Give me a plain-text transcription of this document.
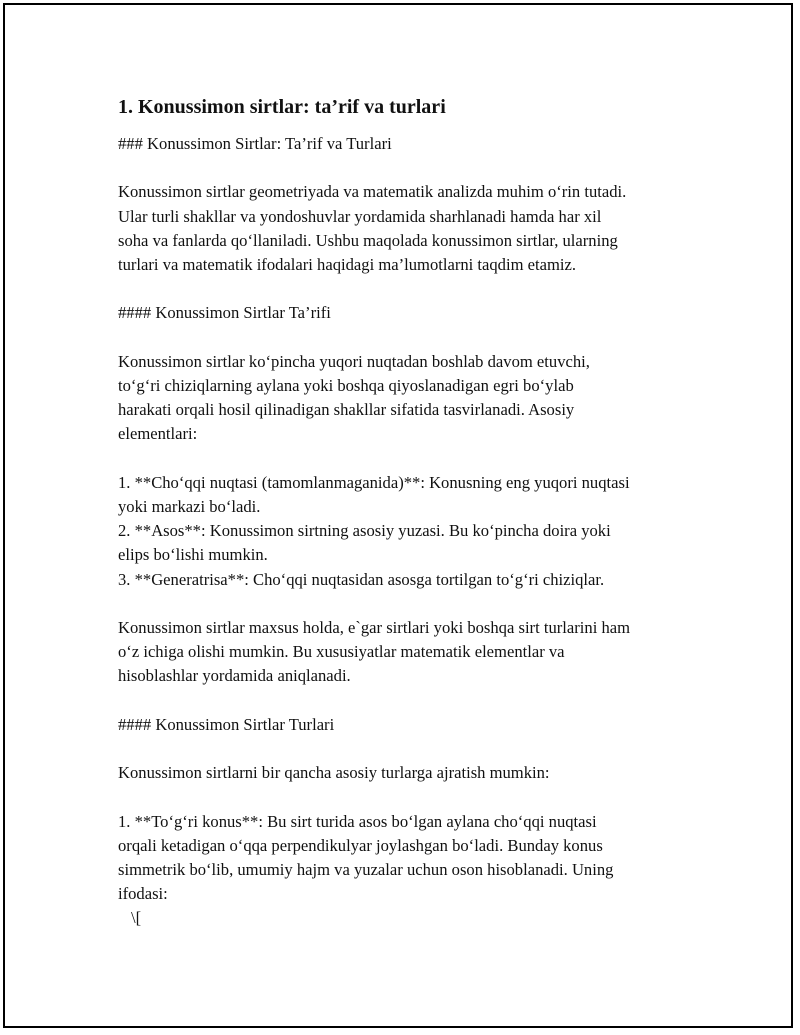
1. Konussimon sirtlar: ta’rif va turlari
### Konussimon Sirtlar: Ta’rif va Turlari
Konussimon sirtlar geometriyada va matematik analizda muhim o‘rin tutadi.
Ular turli shakllar va yondoshuvlar yordamida sharhlanadi hamda har xil
soha va fanlarda qo‘llaniladi. Ushbu maqolada konussimon sirtlar, ularning
turlari va matematik ifodalari haqidagi ma’lumotlarni taqdim etamiz.
#### Konussimon Sirtlar Ta’rifi
Konussimon sirtlar ko‘pincha yuqori nuqtadan boshlab davom etuvchi,
to‘g‘ri chiziqlarning aylana yoki boshqa qiyoslanadigan egri bo‘ylab
harakati orqali hosil qilinadigan shakllar sifatida tasvirlanadi. Asosiy
elementlari:
1. **Cho‘qqi nuqtasi (tamomlanmaganida)**: Konusning eng yuqori nuqtasi
yoki markazi bo‘ladi.
2. **Asos**: Konussimon sirtning asosiy yuzasi. Bu ko‘pincha doira yoki
elips bo‘lishi mumkin.
3. **Generatrisa**: Cho‘qqi nuqtasidan asosga tortilgan to‘g‘ri chiziqlar.
Konussimon sirtlar maxsus holda, e`gar sirtlari yoki boshqa sirt turlarini ham
o‘z ichiga olishi mumkin. Bu xususiyatlar matematik elementlar va
hisoblashlar yordamida aniqlanadi.
#### Konussimon Sirtlar Turlari
Konussimon sirtlarni bir qancha asosiy turlarga ajratish mumkin:
1. **To‘g‘ri konus**: Bu sirt turida asos bo‘lgan aylana cho‘qqi nuqtasi
orqali ketadigan o‘qqa perpendikulyar joylashgan bo‘ladi. Bunday konus
simmetrik bo‘lib, umumiy hajm va yuzalar uchun oson hisoblanadi. Uning
ifodasi:
\[
